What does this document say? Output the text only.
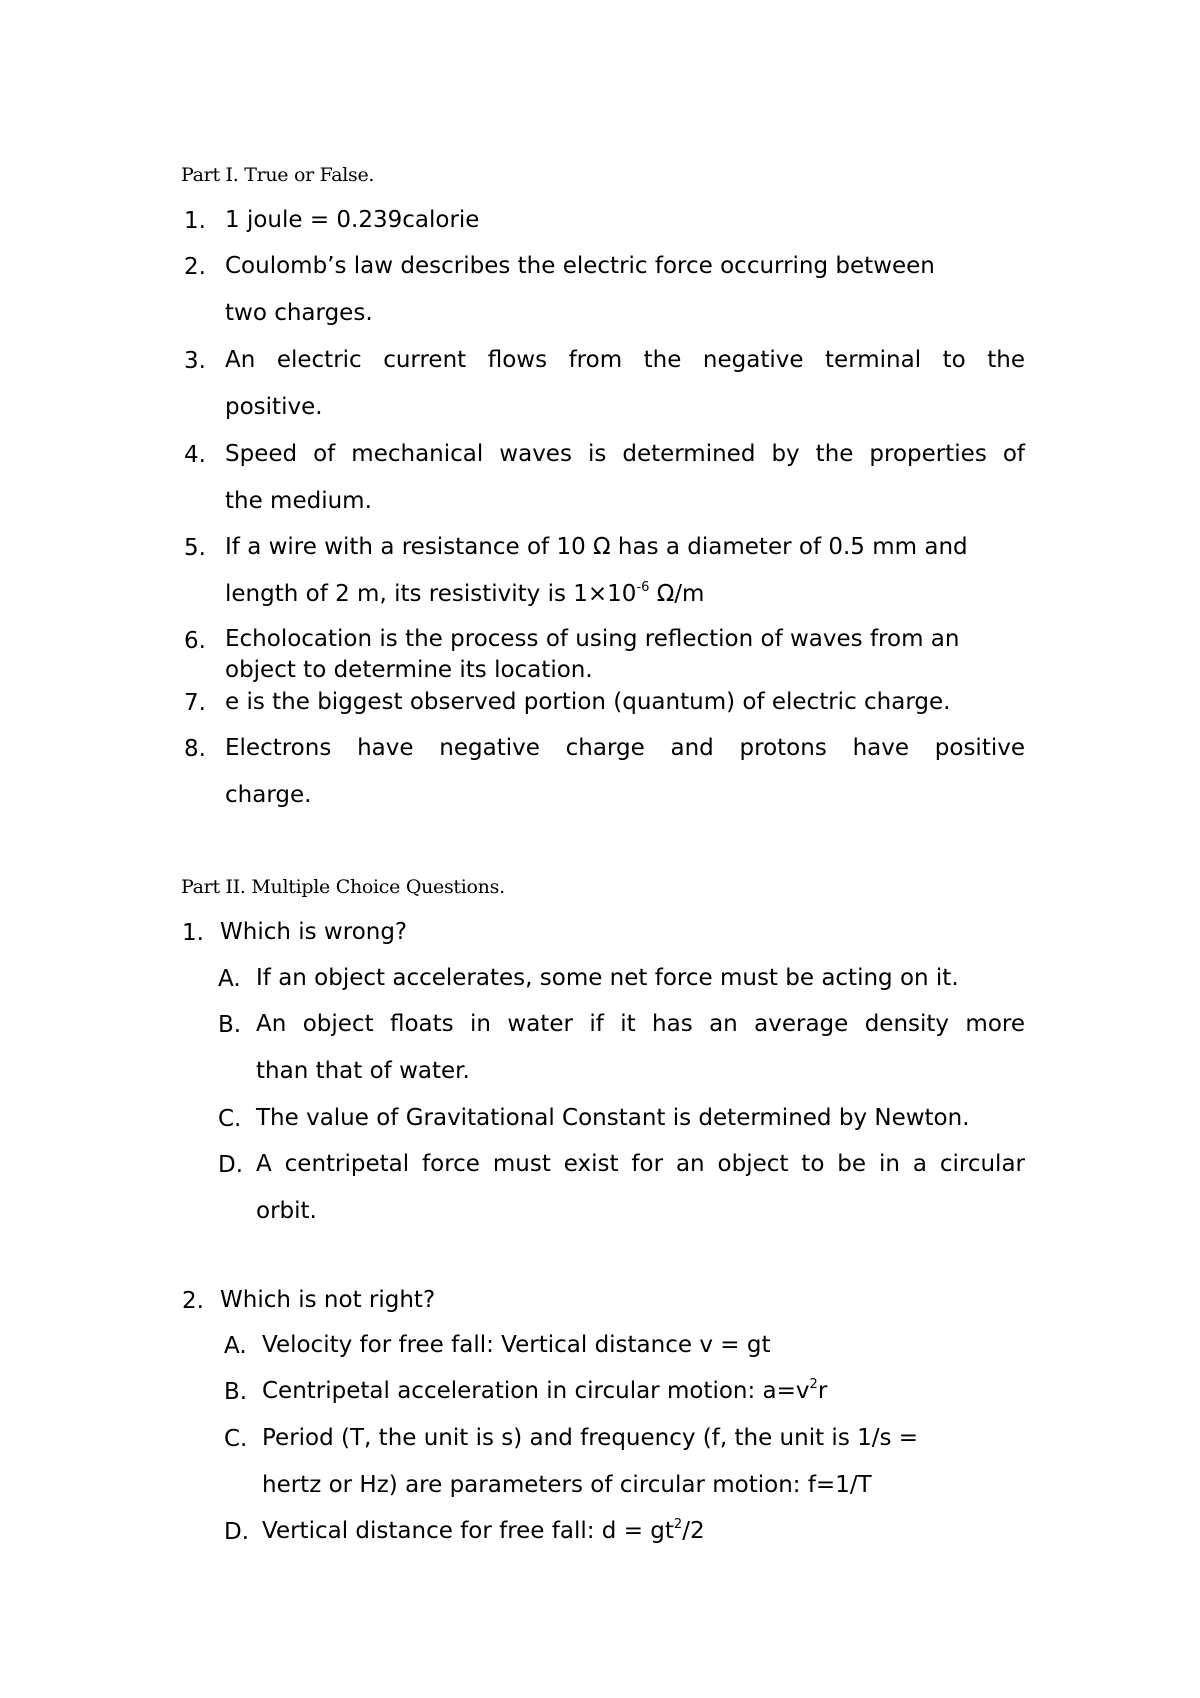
Part I. True or False.
1. 1 joule = 0.239calorie
2. Coulomb’s law describes the electric force occurring between
two charges.
3. An electric current flows from the negative terminal to the
positive.
4. Speed of mechanical waves is determined by the properties of
the medium.
5. If a wire with a resistance of 10 Ω has a diameter of 0.5 mm and
length of 2 m, its resistivity is $1\times 10^{-6}$ Ω/m
6. Echolocation is the process of using reflection of waves from an
object to determine its location.
7. e is the biggest observed portion (quantum) of electric charge.
8. Electrons have negative charge and protons have positive
charge.
Part II. Multiple Choice Questions.
1. Which is wrong?
A. If an object accelerates, some net force must be acting on it.
B. An object floats in water if it has an average density more
than that of water.
C. The value of Gravitational Constant is determined by Newton.
D. A centripetal force must exist for an object to be in a circular
orbit.
2. Which is not right?
A. Velocity for free fall: Vertical distance v = gt
B. Centripetal acceleration in circular motion: $a=v^2r$
C. Period (T, the unit is s) and frequency (f, the unit is 1/s =
hertz or Hz) are parameters of circular motion: f=1/T
D. Vertical distance for free fall: $d = gt^2/2$
